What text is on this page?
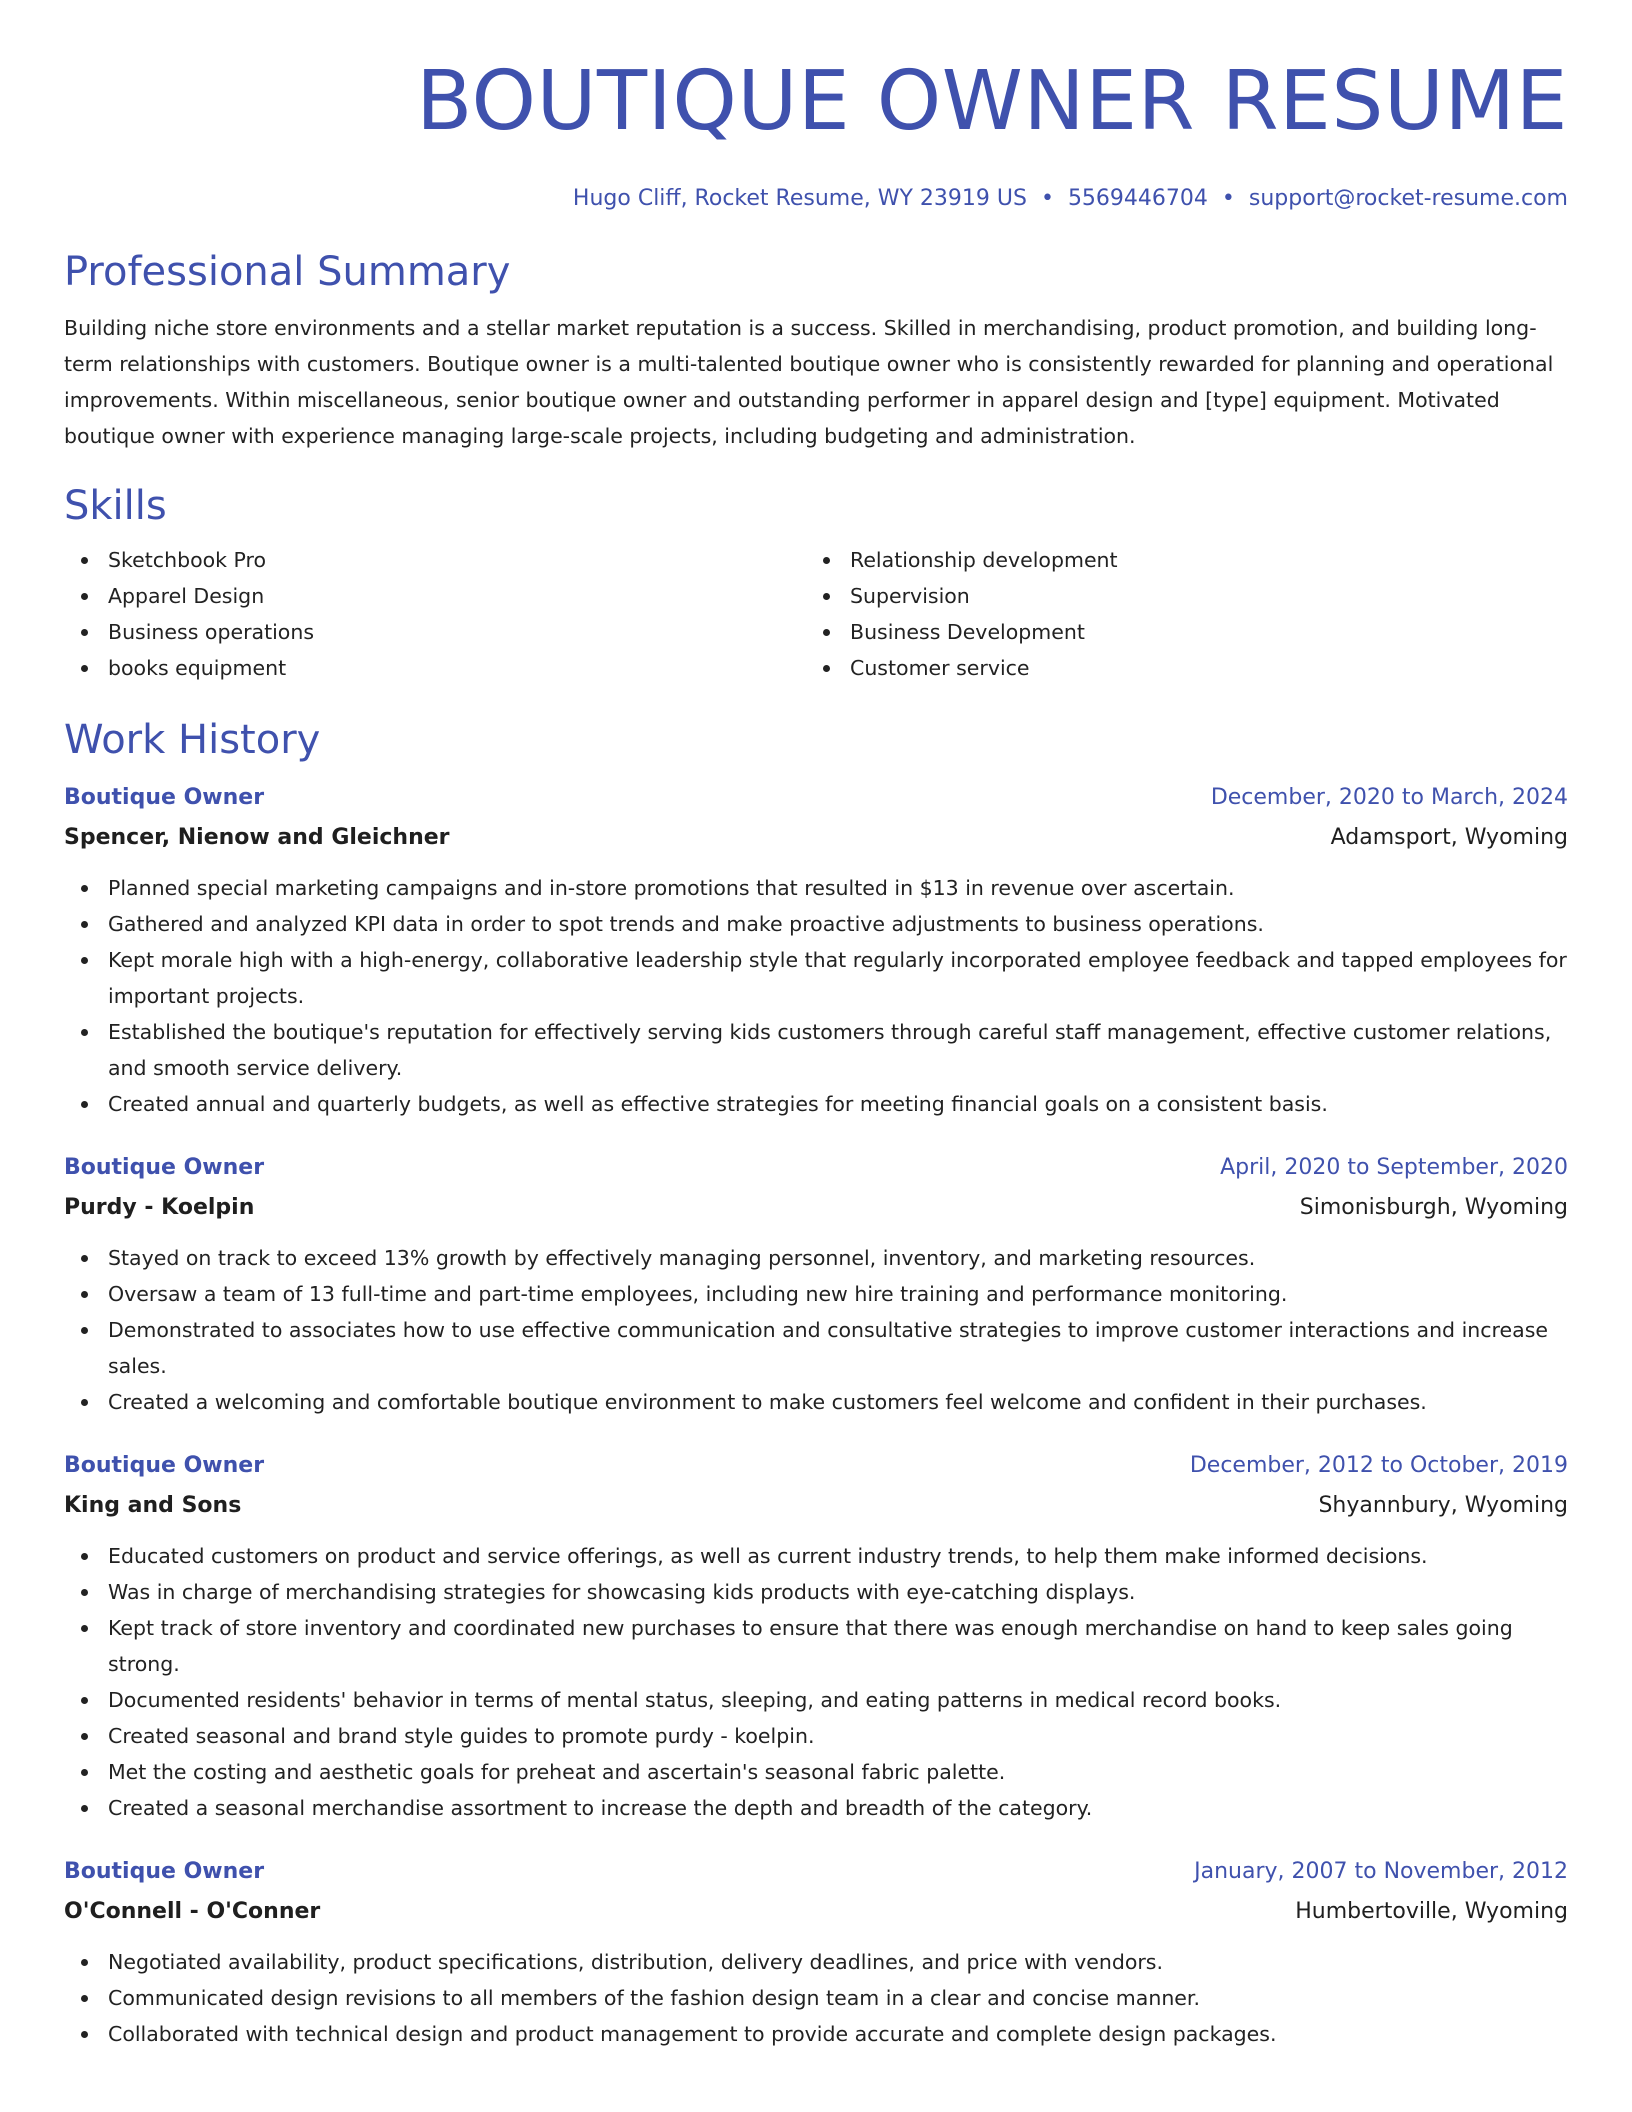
BOUTIQUE OWNER RESUME
Hugo Cliff, Rocket Resume, WY 23919 US • 5569446704 • support@rocket-resume.com
Professional Summary

Building niche store environments and a stellar market reputation is a success. Skilled in merchandising, product promotion, and building long-term relationships with customers. Boutique owner is a multi-talented boutique owner who is consistently rewarded for planning and operational improvements. Within miscellaneous, senior boutique owner and outstanding performer in apparel design and [type] equipment. Motivated boutique owner with experience managing large-scale projects, including budgeting and administration.

Skills
Sketchbook Pro
Apparel Design
Business operations
books equipment
Relationship development
Supervision
Business Development
Customer service
Work History
Boutique Owner	December, 2020 to March, 2024
Spencer, Nienow and Gleichner	Adamsport, Wyoming
Planned special marketing campaigns and in-store promotions that resulted in $13 in revenue over ascertain.
Gathered and analyzed KPI data in order to spot trends and make proactive adjustments to business operations.
Kept morale high with a high-energy, collaborative leadership style that regularly incorporated employee feedback and tapped employees for important projects.
Established the boutique's reputation for effectively serving kids customers through careful staff management, effective customer relations, and smooth service delivery.
Created annual and quarterly budgets, as well as effective strategies for meeting financial goals on a consistent basis.
Boutique Owner	April, 2020 to September, 2020
Purdy - Koelpin	Simonisburgh, Wyoming
Stayed on track to exceed 13% growth by effectively managing personnel, inventory, and marketing resources.
Oversaw a team of 13 full-time and part-time employees, including new hire training and performance monitoring.
Demonstrated to associates how to use effective communication and consultative strategies to improve customer interactions and increase sales.
Created a welcoming and comfortable boutique environment to make customers feel welcome and confident in their purchases.
Boutique Owner	December, 2012 to October, 2019
King and Sons	Shyannbury, Wyoming
Educated customers on product and service offerings, as well as current industry trends, to help them make informed decisions.
Was in charge of merchandising strategies for showcasing kids products with eye-catching displays.
Kept track of store inventory and coordinated new purchases to ensure that there was enough merchandise on hand to keep sales going strong.
Documented residents' behavior in terms of mental status, sleeping, and eating patterns in medical record books.
Created seasonal and brand style guides to promote purdy - koelpin.
Met the costing and aesthetic goals for preheat and ascertain's seasonal fabric palette.
Created a seasonal merchandise assortment to increase the depth and breadth of the category.
Boutique Owner	January, 2007 to November, 2012
O'Connell - O'Conner	Humbertoville, Wyoming
Negotiated availability, product specifications, distribution, delivery deadlines, and price with vendors.
Communicated design revisions to all members of the fashion design team in a clear and concise manner.
Collaborated with technical design and product management to provide accurate and complete design packages.
